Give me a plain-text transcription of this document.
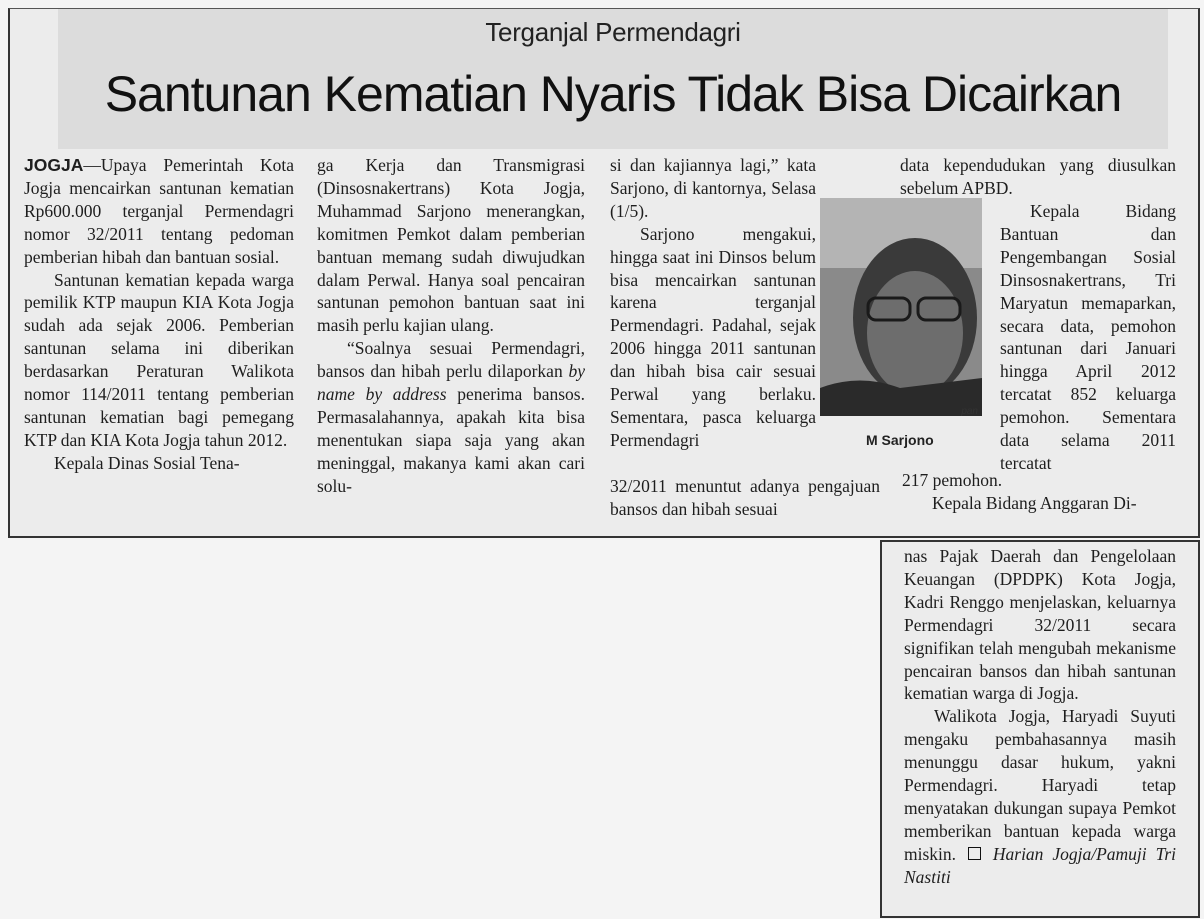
Terganjal Permendagri
Santunan Kematian Nyaris Tidak Bisa Dicairkan

JOGJA—Upaya Pemerintah Kota Jogja mencairkan santunan kematian Rp600.000 terganjal Permendagri nomor 32/2011 tentang pedoman pemberian hibah dan bantuan sosial.

Santunan kematian kepada warga pemilik KTP maupun KIA Kota Jogja sudah ada sejak 2006. Pemberian santunan selama ini diberikan berdasarkan Peraturan Walikota nomor 114/2011 tentang pemberian santunan kematian bagi pemegang KTP dan KIA Kota Jogja tahun 2012.

Kepala Dinas Sosial Tena-

ga Kerja dan Transmigrasi (Dinsosnakertrans) Kota Jogja, Muhammad Sarjono menerangkan, komitmen Pemkot dalam pemberian bantuan memang sudah diwujudkan dalam Perwal. Hanya soal pencairan santunan pemohon bantuan saat ini masih perlu kajian ulang.

“Soalnya sesuai Permendagri, bansos dan hibah perlu dilaporkan by name by address penerima bansos. Permasalahannya, apakah kita bisa menentukan siapa saja yang akan meninggal, makanya kami akan cari solu-

si dan kajiannya lagi,” kata Sarjono, di kantornya, Selasa (1/5).

Sarjono mengakui, hingga saat ini Dinsos belum bisa mencairkan santunan karena terganjal Permendagri. Padahal, sejak 2006 hingga 2011 santunan dan hibah bisa cair sesuai Perwal yang berlaku. Sementara, pasca keluarga Permendagri

32/2011 menuntut adanya pengajuan bansos dan hibah sesuai

pan
M Sarjono

data kependudukan yang diusulkan sebelum APBD.

Kepala Bidang Bantuan dan Pengembangan Sosial Dinsosnakertrans, Tri Maryatun memaparkan, secara data, pemohon santunan dari Januari hingga April 2012 tercatat 852 keluarga pemohon. Sementara data selama 2011 tercatat

217 pemohon.

Kepala Bidang Anggaran Di-

nas Pajak Daerah dan Pengelolaan Keuangan (DPDPK) Kota Jogja, Kadri Renggo menjelaskan, keluarnya Permendagri 32/2011 secara signifikan telah mengubah mekanisme pencairan bansos dan hibah santunan kematian warga di Jogja.

Walikota Jogja, Haryadi Suyuti mengaku pembahasannya masih menunggu dasar hukum, yakni Permendagri. Haryadi tetap menyatakan dukungan supaya Pemkot memberikan bantuan kepada warga miskin. Harian Jogja/Pamuji Tri Nastiti
